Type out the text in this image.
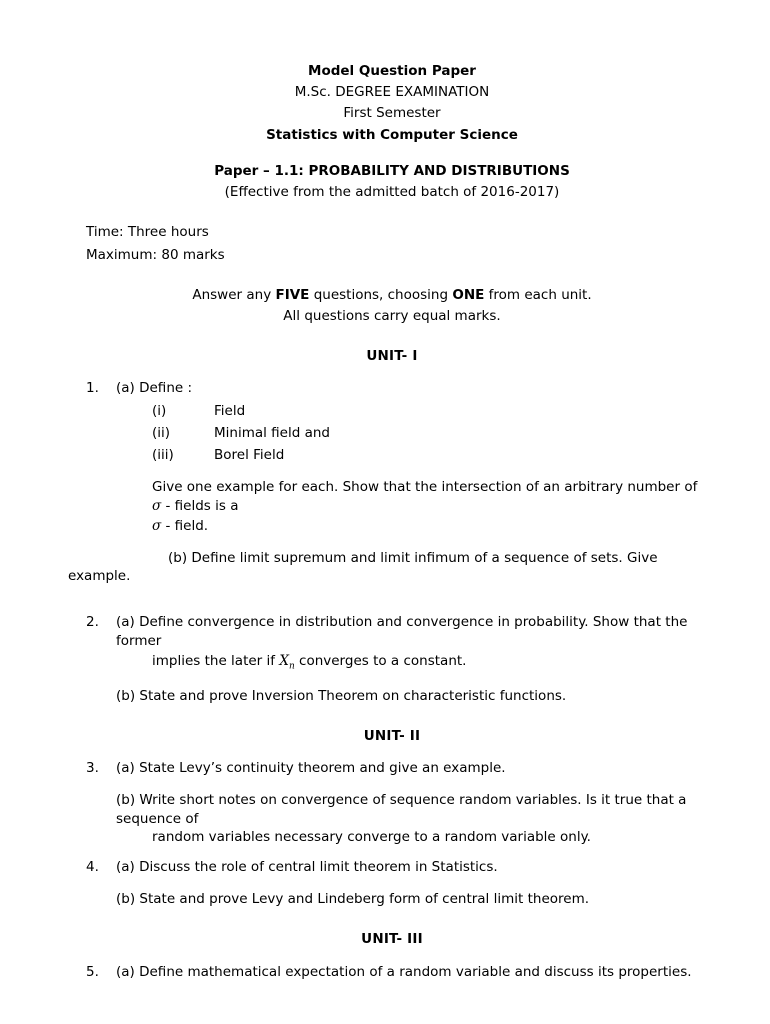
Model Question Paper
M.Sc. DEGREE EXAMINATION
First Semester
Statistics with Computer Science
Paper – 1.1: PROBABILITY AND DISTRIBUTIONS
(Effective from the admitted batch of 2016-2017)
Time: Three hours
Maximum: 80 marks
Answer any FIVE questions, choosing ONE from each unit.
All questions carry equal marks.
UNIT- I
1.	(a) Define :
(i)	Field
(ii)	Minimal field and
(iii)	Borel Field
Give one example for each. Show that the intersection of an arbitrary number of σ - fields is a
σ - field.
(b) Define limit supremum and limit infimum of a sequence of sets. Give
example.
2.	(a) Define convergence in distribution and convergence in probability. Show that the former
implies the later if $X_n$ converges to a constant.
(b) State and prove Inversion Theorem on characteristic functions.
UNIT- II
3.	(a) State Levy’s continuity theorem and give an example.
(b) Write short notes on convergence of sequence random variables. Is it true that a sequence of
random variables necessary converge to a random variable only.
4.	(a) Discuss the role of central limit theorem in Statistics.
(b) State and prove Levy and Lindeberg form of central limit theorem.
UNIT- III
5.	(a) Define mathematical expectation of a random variable and discuss its properties.
